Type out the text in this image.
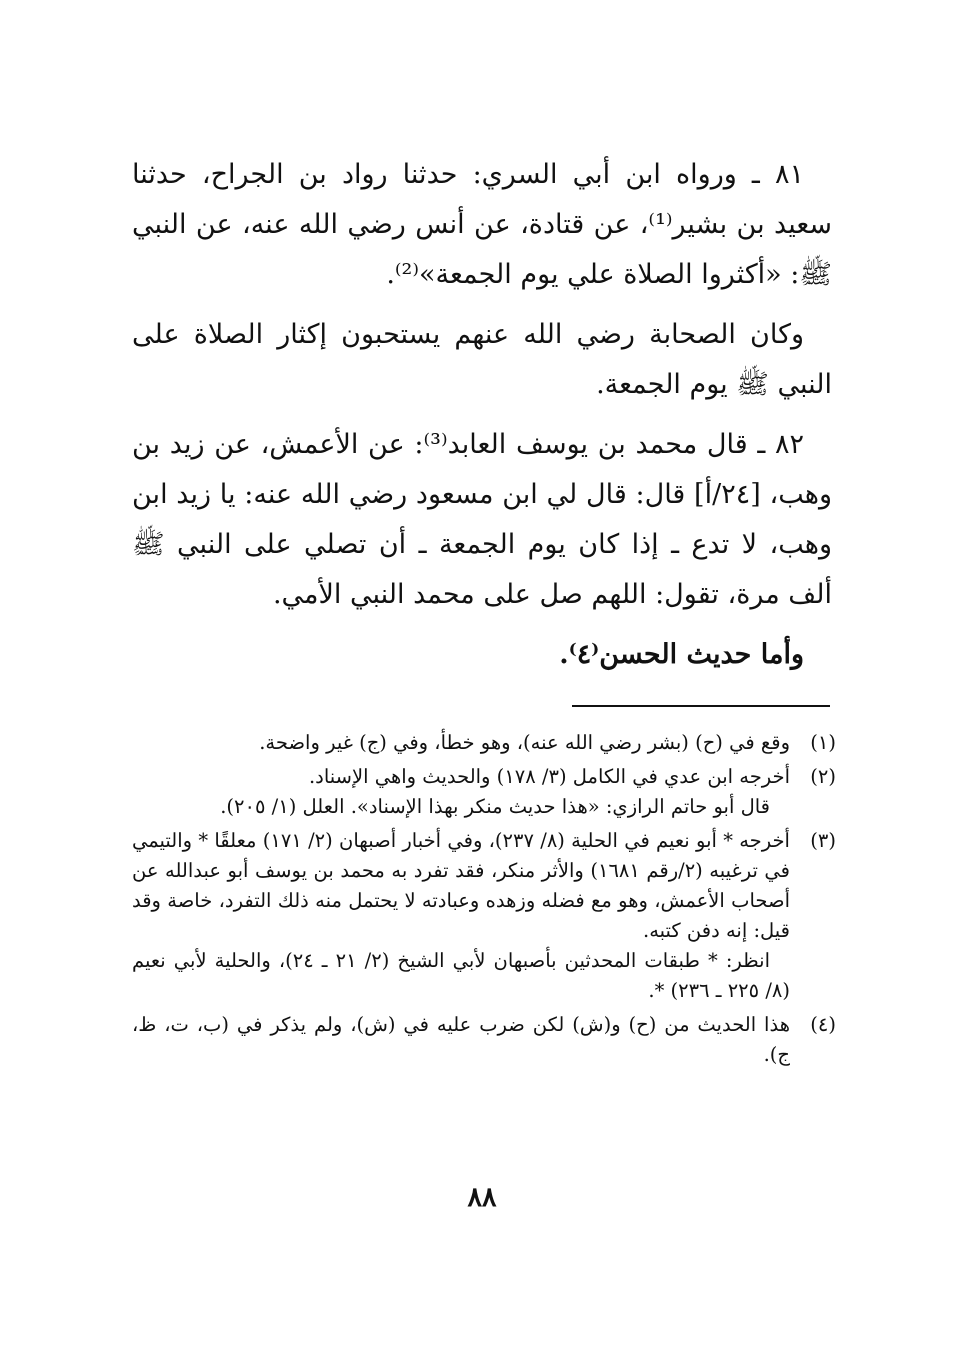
٨١ ـ ورواه ابن أبي السري: حدثنا رواد بن الجراح، حدثنا سعيد بن بشير⁽¹⁾، عن قتادة، عن أنس رضي الله عنه، عن النبي ﷺ: «أكثروا الصلاة علي يوم الجمعة»⁽²⁾.

وكان الصحابة رضي الله عنهم يستحبون إكثار الصلاة على النبي ﷺ يوم الجمعة.

٨٢ ـ قال محمد بن يوسف العابد⁽³⁾: عن الأعمش، عن زيد بن وهب، [٢٤/أ] قال: قال لي ابن مسعود رضي الله عنه: يا زيد ابن وهب، لا تدع ـ إذا كان يوم الجمعة ـ أن تصلي على النبي ﷺ ألف مرة، تقول: اللهم صل على محمد النبي الأمي.

وأما حديث الحسن⁽٤⁾.

(١)

وقع في (ح) (بشر رضي الله عنه)، وهو خطأ، وفي (ج) غير واضحة.

(٢)

أخرجه ابن عدي في الكامل (٣/ ١٧٨) والحديث واهي الإسناد.

قال أبو حاتم الرازي: «هذا حديث منكر بهذا الإسناد». العلل (١/ ٢٠٥).

(٣)

أخرجه * أبو نعيم في الحلية (٨/ ٢٣٧)، وفي أخبار أصبهان (٢/ ١٧١) معلقًا * والتيمي في ترغيبه (٢/رقم ١٦٨١) والأثر منكر، فقد تفرد به محمد بن يوسف أبو عبدالله عن أصحاب الأعمش، وهو مع فضله وزهده وعبادته لا يحتمل منه ذلك التفرد، خاصة وقد قيل: إنه دفن كتبه.

انظر: * طبقات المحدثين بأصبهان لأبي الشيخ (٢/ ٢١ ـ ٢٤)، والحلية لأبي نعيم (٨/ ٢٢٥ ـ ٢٣٦) *.

(٤)

هذا الحديث من (ح) و(ش) لكن ضرب عليه في (ش)، ولم يذكر في (ب، ت، ظ، ج).

٨٨
